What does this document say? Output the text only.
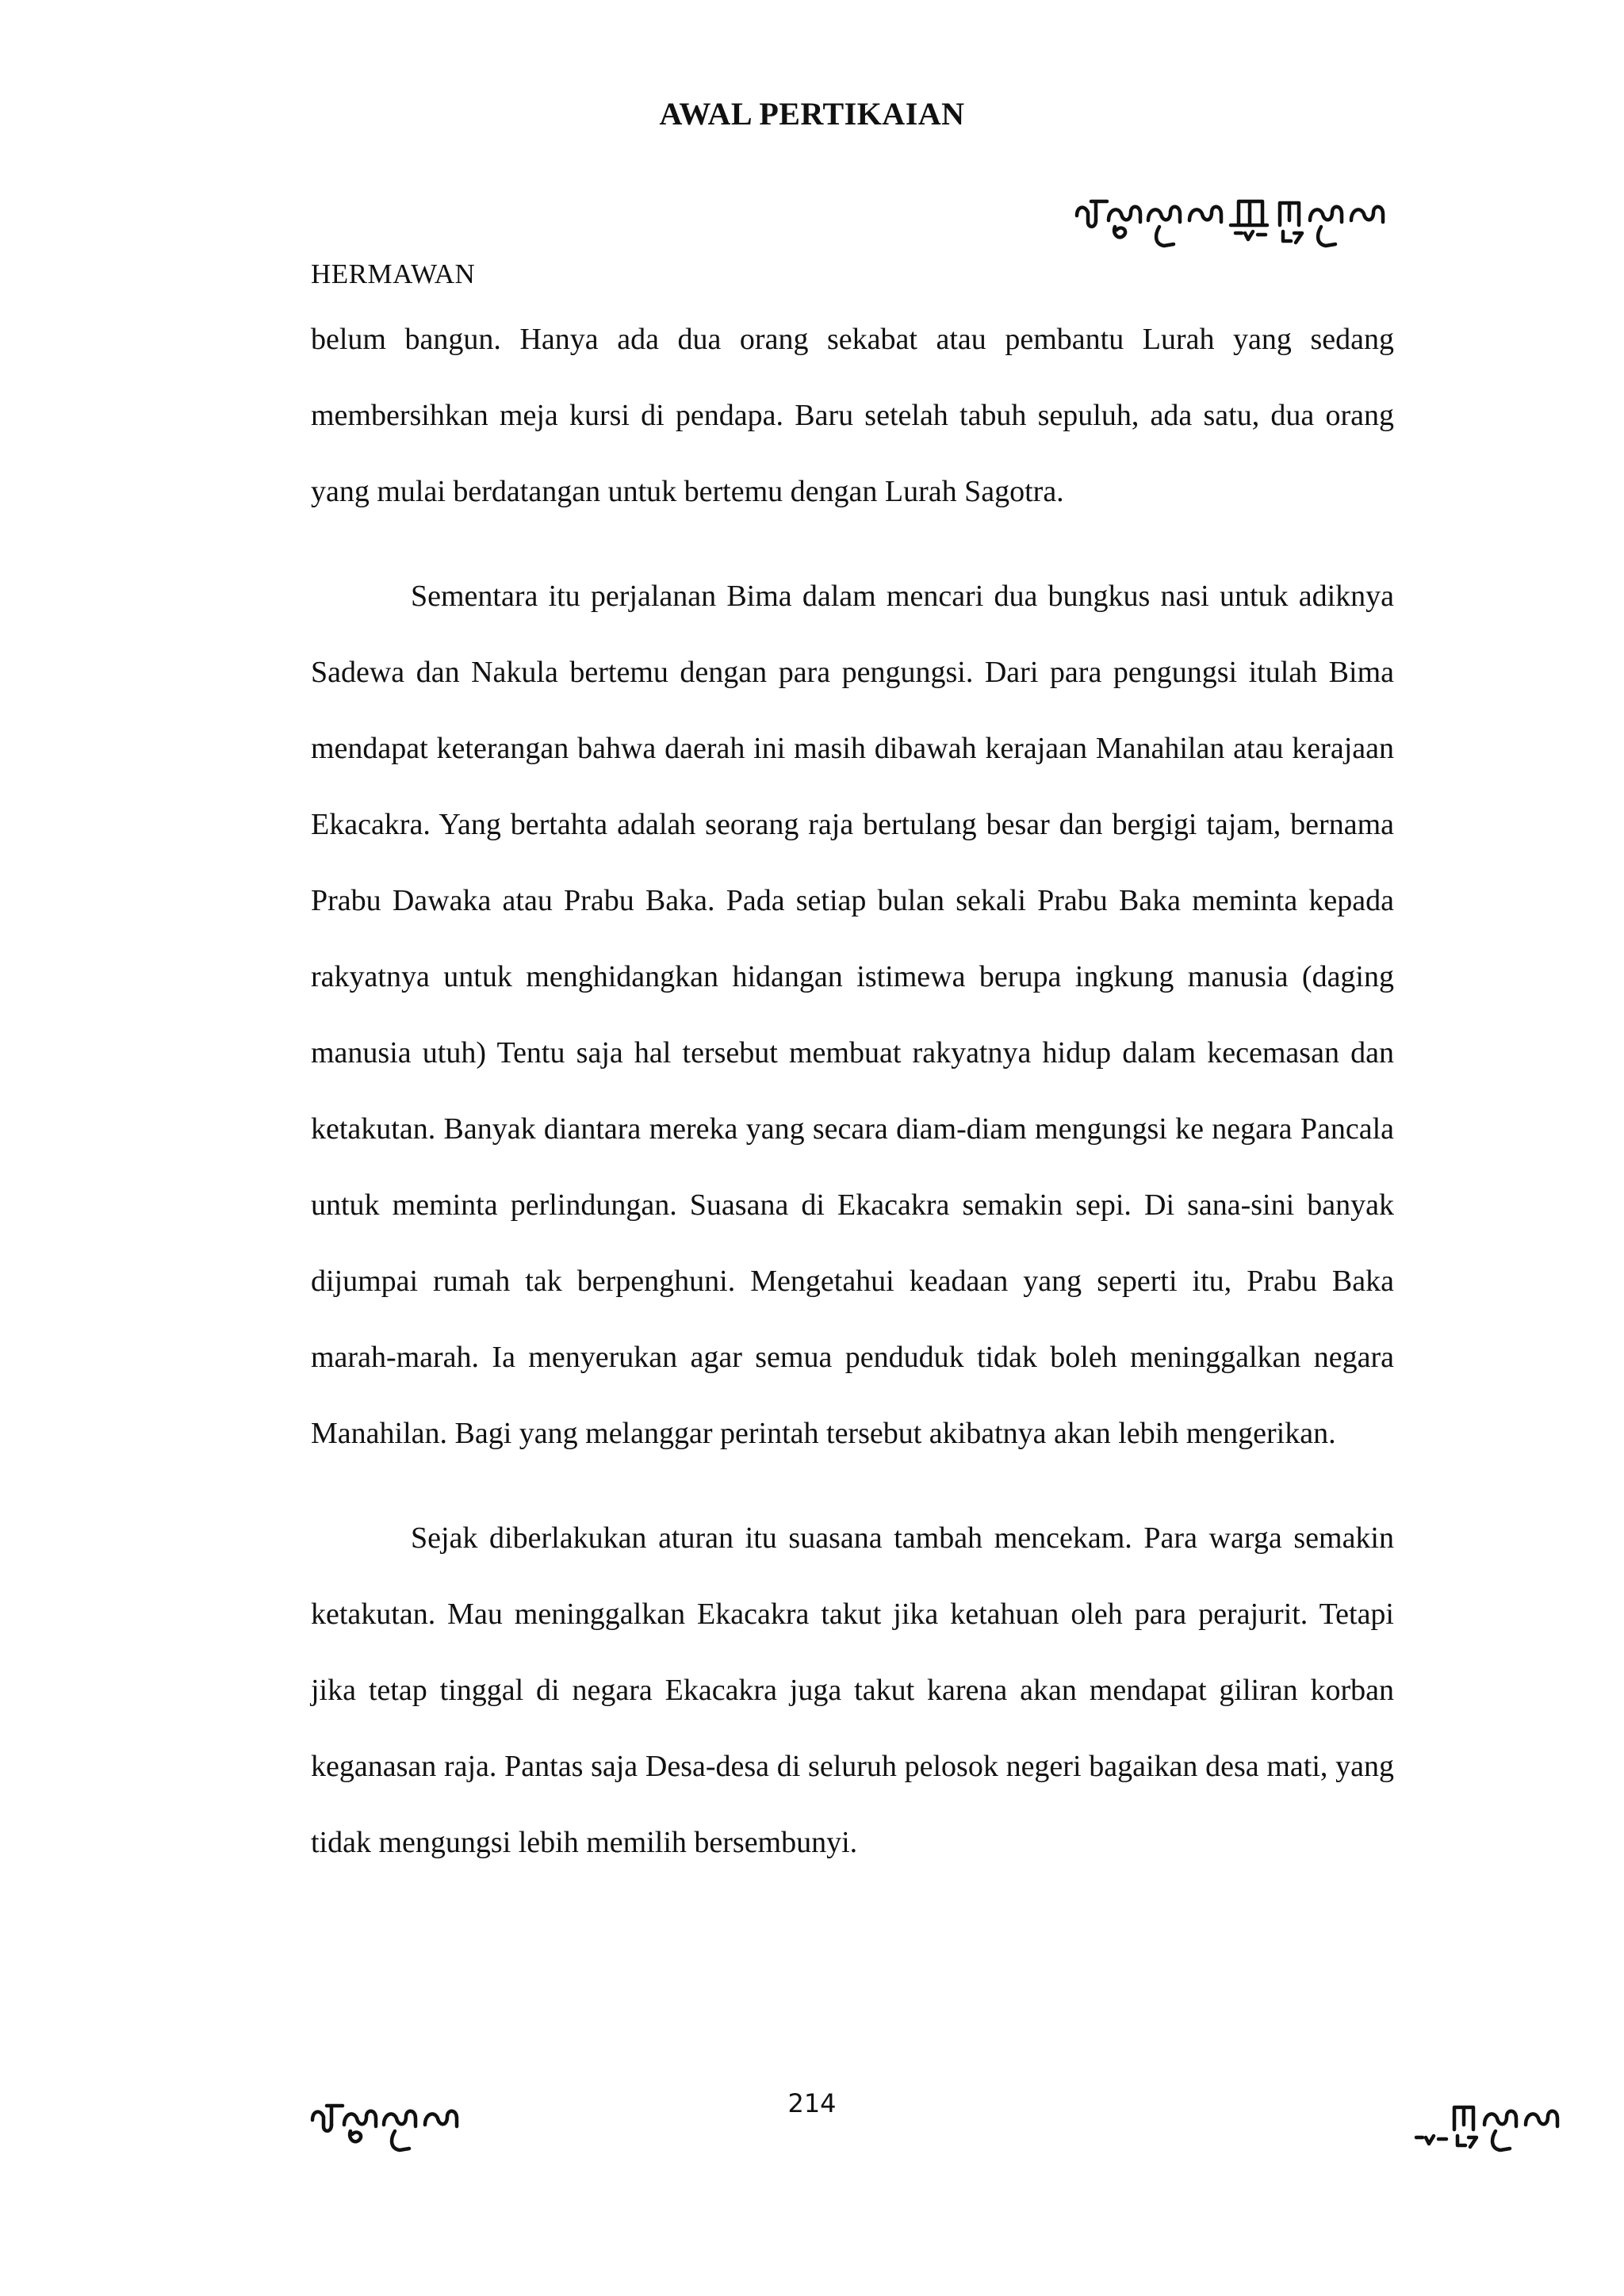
AWAL PERTIKAIAN
HERMAWAN

belum bangun. Hanya ada dua orang sekabat atau pembantu Lurah yang sedang membersihkan meja kursi di pendapa. Baru setelah tabuh sepuluh, ada satu, dua orang yang mulai berdatangan untuk bertemu dengan Lurah Sagotra.

Sementara itu perjalanan Bima dalam mencari dua bungkus nasi untuk adiknya Sadewa dan Nakula bertemu dengan para pengungsi. Dari para pengungsi itulah Bima mendapat keterangan bahwa daerah ini masih dibawah kerajaan Manahilan atau kerajaan Ekacakra. Yang bertahta adalah seorang raja bertulang besar dan bergigi tajam, bernama Prabu Dawaka atau Prabu Baka. Pada setiap bulan sekali Prabu Baka meminta kepada rakyatnya untuk menghidangkan hidangan istimewa berupa ingkung manusia (daging manusia utuh) Tentu saja hal tersebut membuat rakyatnya hidup dalam kecemasan dan ketakutan. Banyak diantara mereka yang secara diam-diam mengungsi ke negara Pancala untuk meminta perlindungan. Suasana di Ekacakra semakin sepi. Di sana-sini banyak dijumpai rumah tak berpenghuni. Mengetahui keadaan yang seperti itu, Prabu Baka marah-marah. Ia menyerukan agar semua penduduk tidak boleh meninggalkan negara Manahilan. Bagi yang melanggar perintah tersebut akibatnya akan lebih mengerikan.

Sejak diberlakukan aturan itu suasana tambah mencekam. Para warga semakin ketakutan. Mau meninggalkan Ekacakra takut jika ketahuan oleh para perajurit. Tetapi jika tetap tinggal di negara Ekacakra juga takut karena akan mendapat giliran korban keganasan raja. Pantas saja Desa-desa di seluruh pelosok negeri bagaikan desa mati, yang tidak mengungsi lebih memilih bersembunyi.

214
